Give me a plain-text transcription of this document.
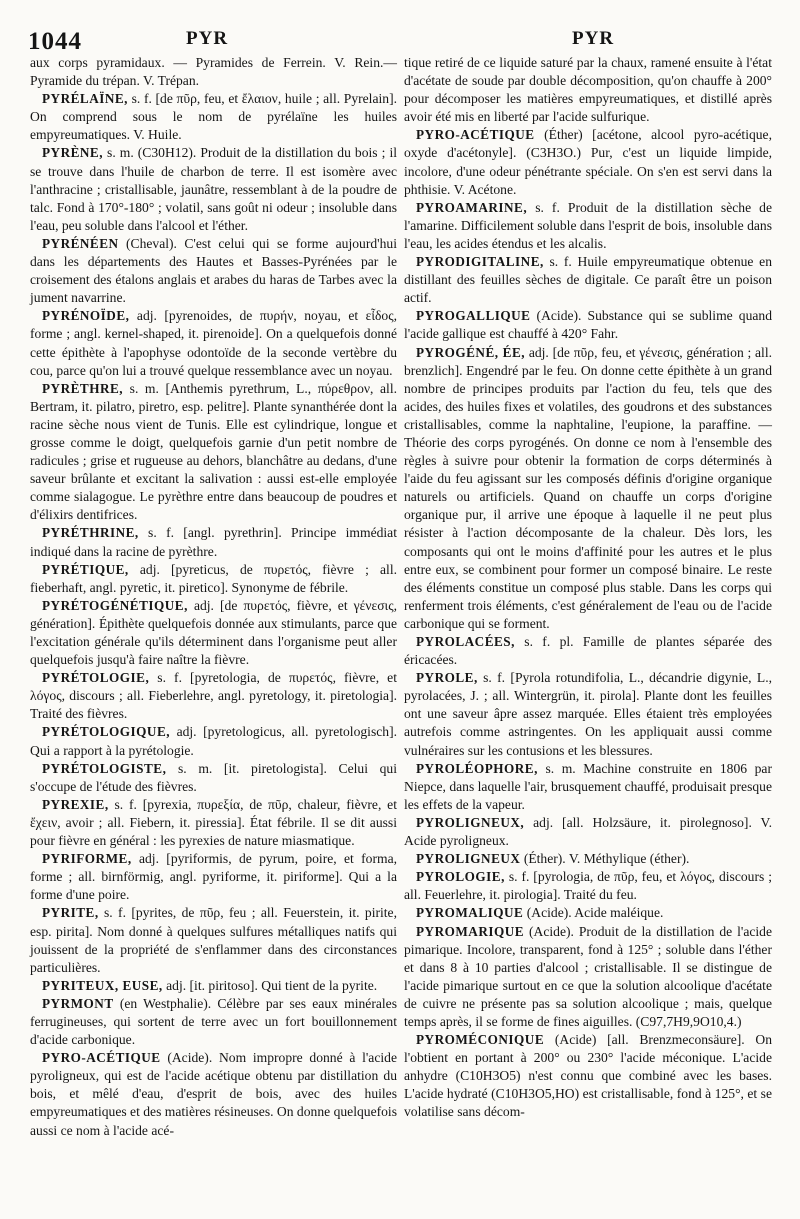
1044	PYR	PYR

aux corps pyramidaux. — Pyramides de Ferrein. V. Rein.— Pyramide du trépan. V. Trépan.

PYRÉLAÏNE, s. f. [de πῦρ, feu, et ἔλαιον, huile ; all. Pyrelain]. On comprend sous le nom de pyrélaïne les huiles empyreumatiques. V. Huile.

PYRÈNE, s. m. (C30H12). Produit de la distillation du bois ; il se trouve dans l'huile de charbon de terre. Il est isomère avec l'anthracine ; cristallisable, jaunâtre, ressemblant à de la poudre de talc. Fond à 170°-180° ; volatil, sans goût ni odeur ; insoluble dans l'eau, peu soluble dans l'alcool et l'éther.

PYRÉNÉEN (Cheval). C'est celui qui se forme aujourd'hui dans les départements des Hautes et Basses-Pyrénées par le croisement des étalons anglais et arabes du haras de Tarbes avec la jument navarrine.

PYRÉNOÏDE, adj. [pyrenoides, de πυρήν, noyau, et εἶδος, forme ; angl. kernel-shaped, it. pirenoide]. On a quelquefois donné cette épithète à l'apophyse odontoïde de la seconde vertèbre du cou, parce qu'on lui a trouvé quelque ressemblance avec un noyau.

PYRÈTHRE, s. m. [Anthemis pyrethrum, L., πύρεθρον, all. Bertram, it. pilatro, piretro, esp. pelitre]. Plante synanthérée dont la racine sèche nous vient de Tunis. Elle est cylindrique, longue et grosse comme le doigt, quelquefois garnie d'un petit nombre de radicules ; grise et rugueuse au dehors, blanchâtre au dedans, d'une saveur brûlante et excitant la salivation : aussi est-elle employée comme sialagogue. Le pyrèthre entre dans beaucoup de poudres et d'élixirs dentifrices.

PYRÉTHRINE, s. f. [angl. pyrethrin]. Principe immédiat indiqué dans la racine de pyrèthre.

PYRÉTIQUE, adj. [pyreticus, de πυρετός, fièvre ; all. fieberhaft, angl. pyretic, it. piretico]. Synonyme de fébrile.

PYRÉTOGÉNÉTIQUE, adj. [de πυρετός, fièvre, et γένεσις, génération]. Épithète quelquefois donnée aux stimulants, parce que l'excitation générale qu'ils déterminent dans l'organisme peut aller quelquefois jusqu'à faire naître la fièvre.

PYRÉTOLOGIE, s. f. [pyretologia, de πυρετός, fièvre, et λόγος, discours ; all. Fieberlehre, angl. pyretology, it. piretologia]. Traité des fièvres.

PYRÉTOLOGIQUE, adj. [pyretologicus, all. pyretologisch]. Qui a rapport à la pyrétologie.

PYRÉTOLOGISTE, s. m. [it. piretologista]. Celui qui s'occupe de l'étude des fièvres.

PYREXIE, s. f. [pyrexia, πυρεξία, de πῦρ, chaleur, fièvre, et ἔχειν, avoir ; all. Fiebern, it. piressia]. État fébrile. Il se dit aussi pour fièvre en général : les pyrexies de nature miasmatique.

PYRIFORME, adj. [pyriformis, de pyrum, poire, et forma, forme ; all. birnförmig, angl. pyriforme, it. piriforme]. Qui a la forme d'une poire.

PYRITE, s. f. [pyrites, de πῦρ, feu ; all. Feuerstein, it. pirite, esp. pirita]. Nom donné à quelques sulfures métalliques natifs qui jouissent de la propriété de s'enflammer dans des circonstances particulières.

PYRITEUX, EUSE, adj. [it. piritoso]. Qui tient de la pyrite.

PYRMONT (en Westphalie). Célèbre par ses eaux minérales ferrugineuses, qui sortent de terre avec un fort bouillonnement d'acide carbonique.

PYRO-ACÉTIQUE (Acide). Nom impropre donné à l'acide pyroligneux, qui est de l'acide acétique obtenu par distillation du bois, et mêlé d'eau, d'esprit de bois, avec des huiles empyreumatiques et des matières résineuses. On donne quelquefois aussi ce nom à l'acide acé-

tique retiré de ce liquide saturé par la chaux, ramené ensuite à l'état d'acétate de soude par double décomposition, qu'on chauffe à 200° pour décomposer les matières empyreumatiques, et distillé après avoir été mis en liberté par l'acide sulfurique.

PYRO-ACÉTIQUE (Éther) [acétone, alcool pyro-acétique, oxyde d'acétonyle]. (C3H3O.) Pur, c'est un liquide limpide, incolore, d'une odeur pénétrante spéciale. On s'en est servi dans la phthisie. V. Acétone.

PYROAMARINE, s. f. Produit de la distillation sèche de l'amarine. Difficilement soluble dans l'esprit de bois, insoluble dans l'eau, les acides étendus et les alcalis.

PYRODIGITALINE, s. f. Huile empyreumatique obtenue en distillant des feuilles sèches de digitale. Ce paraît être un poison actif.

PYROGALLIQUE (Acide). Substance qui se sublime quand l'acide gallique est chauffé à 420° Fahr.

PYROGÉNÉ, ÉE, adj. [de πῦρ, feu, et γένεσις, génération ; all. brenzlich]. Engendré par le feu. On donne cette épithète à un grand nombre de principes produits par l'action du feu, tels que des acides, des huiles fixes et volatiles, des goudrons et des substances cristallisables, comme la naphtaline, l'eupione, la paraffine. — Théorie des corps pyrogénés. On donne ce nom à l'ensemble des règles à suivre pour obtenir la formation de corps déterminés à l'aide du feu agissant sur les composés définis d'origine organique naturels ou artificiels. Quand on chauffe un corps d'origine organique pur, il arrive une époque à laquelle il ne peut plus résister à l'action décomposante de la chaleur. Dès lors, les composants qui ont le moins d'affinité pour les autres et le plus entre eux, se combinent pour former un composé binaire. Le reste des éléments constitue un composé plus stable. Dans les corps qui renferment trois éléments, c'est généralement de l'eau ou de l'acide carbonique qui se forment.

PYROLACÉES, s. f. pl. Famille de plantes séparée des éricacées.

PYROLE, s. f. [Pyrola rotundifolia, L., décandrie digynie, L., pyrolacées, J. ; all. Wintergrün, it. pirola]. Plante dont les feuilles ont une saveur âpre assez marquée. Elles étaient très employées autrefois comme astringentes. On les appliquait aussi comme vulnéraires sur les contusions et les blessures.

PYROLÉOPHORE, s. m. Machine construite en 1806 par Niepce, dans laquelle l'air, brusquement chauffé, produisait presque les effets de la vapeur.

PYROLIGNEUX, adj. [all. Holzsäure, it. pirolegnoso]. V. Acide pyroligneux.

PYROLIGNEUX (Éther). V. Méthylique (éther).

PYROLOGIE, s. f. [pyrologia, de πῦρ, feu, et λόγος, discours ; all. Feuerlehre, it. pirologia]. Traité du feu.

PYROMALIQUE (Acide). Acide maléique.

PYROMARIQUE (Acide). Produit de la distillation de l'acide pimarique. Incolore, transparent, fond à 125° ; soluble dans l'éther et dans 8 à 10 parties d'alcool ; cristallisable. Il se distingue de l'acide pimarique surtout en ce que la solution alcoolique d'acétate de cuivre ne présente pas sa solution alcoolique ; mais, quelque temps après, il se forme de fines aiguilles. (C97,7H9,9O10,4.)

PYROMÉCONIQUE (Acide) [all. Brenzmeconsäure]. On l'obtient en portant à 200° ou 230° l'acide méconique. L'acide anhydre (C10H3O5) n'est connu que combiné avec les bases. L'acide hydraté (C10H3O5,HO) est cristallisable, fond à 125°, et se volatilise sans décom-
